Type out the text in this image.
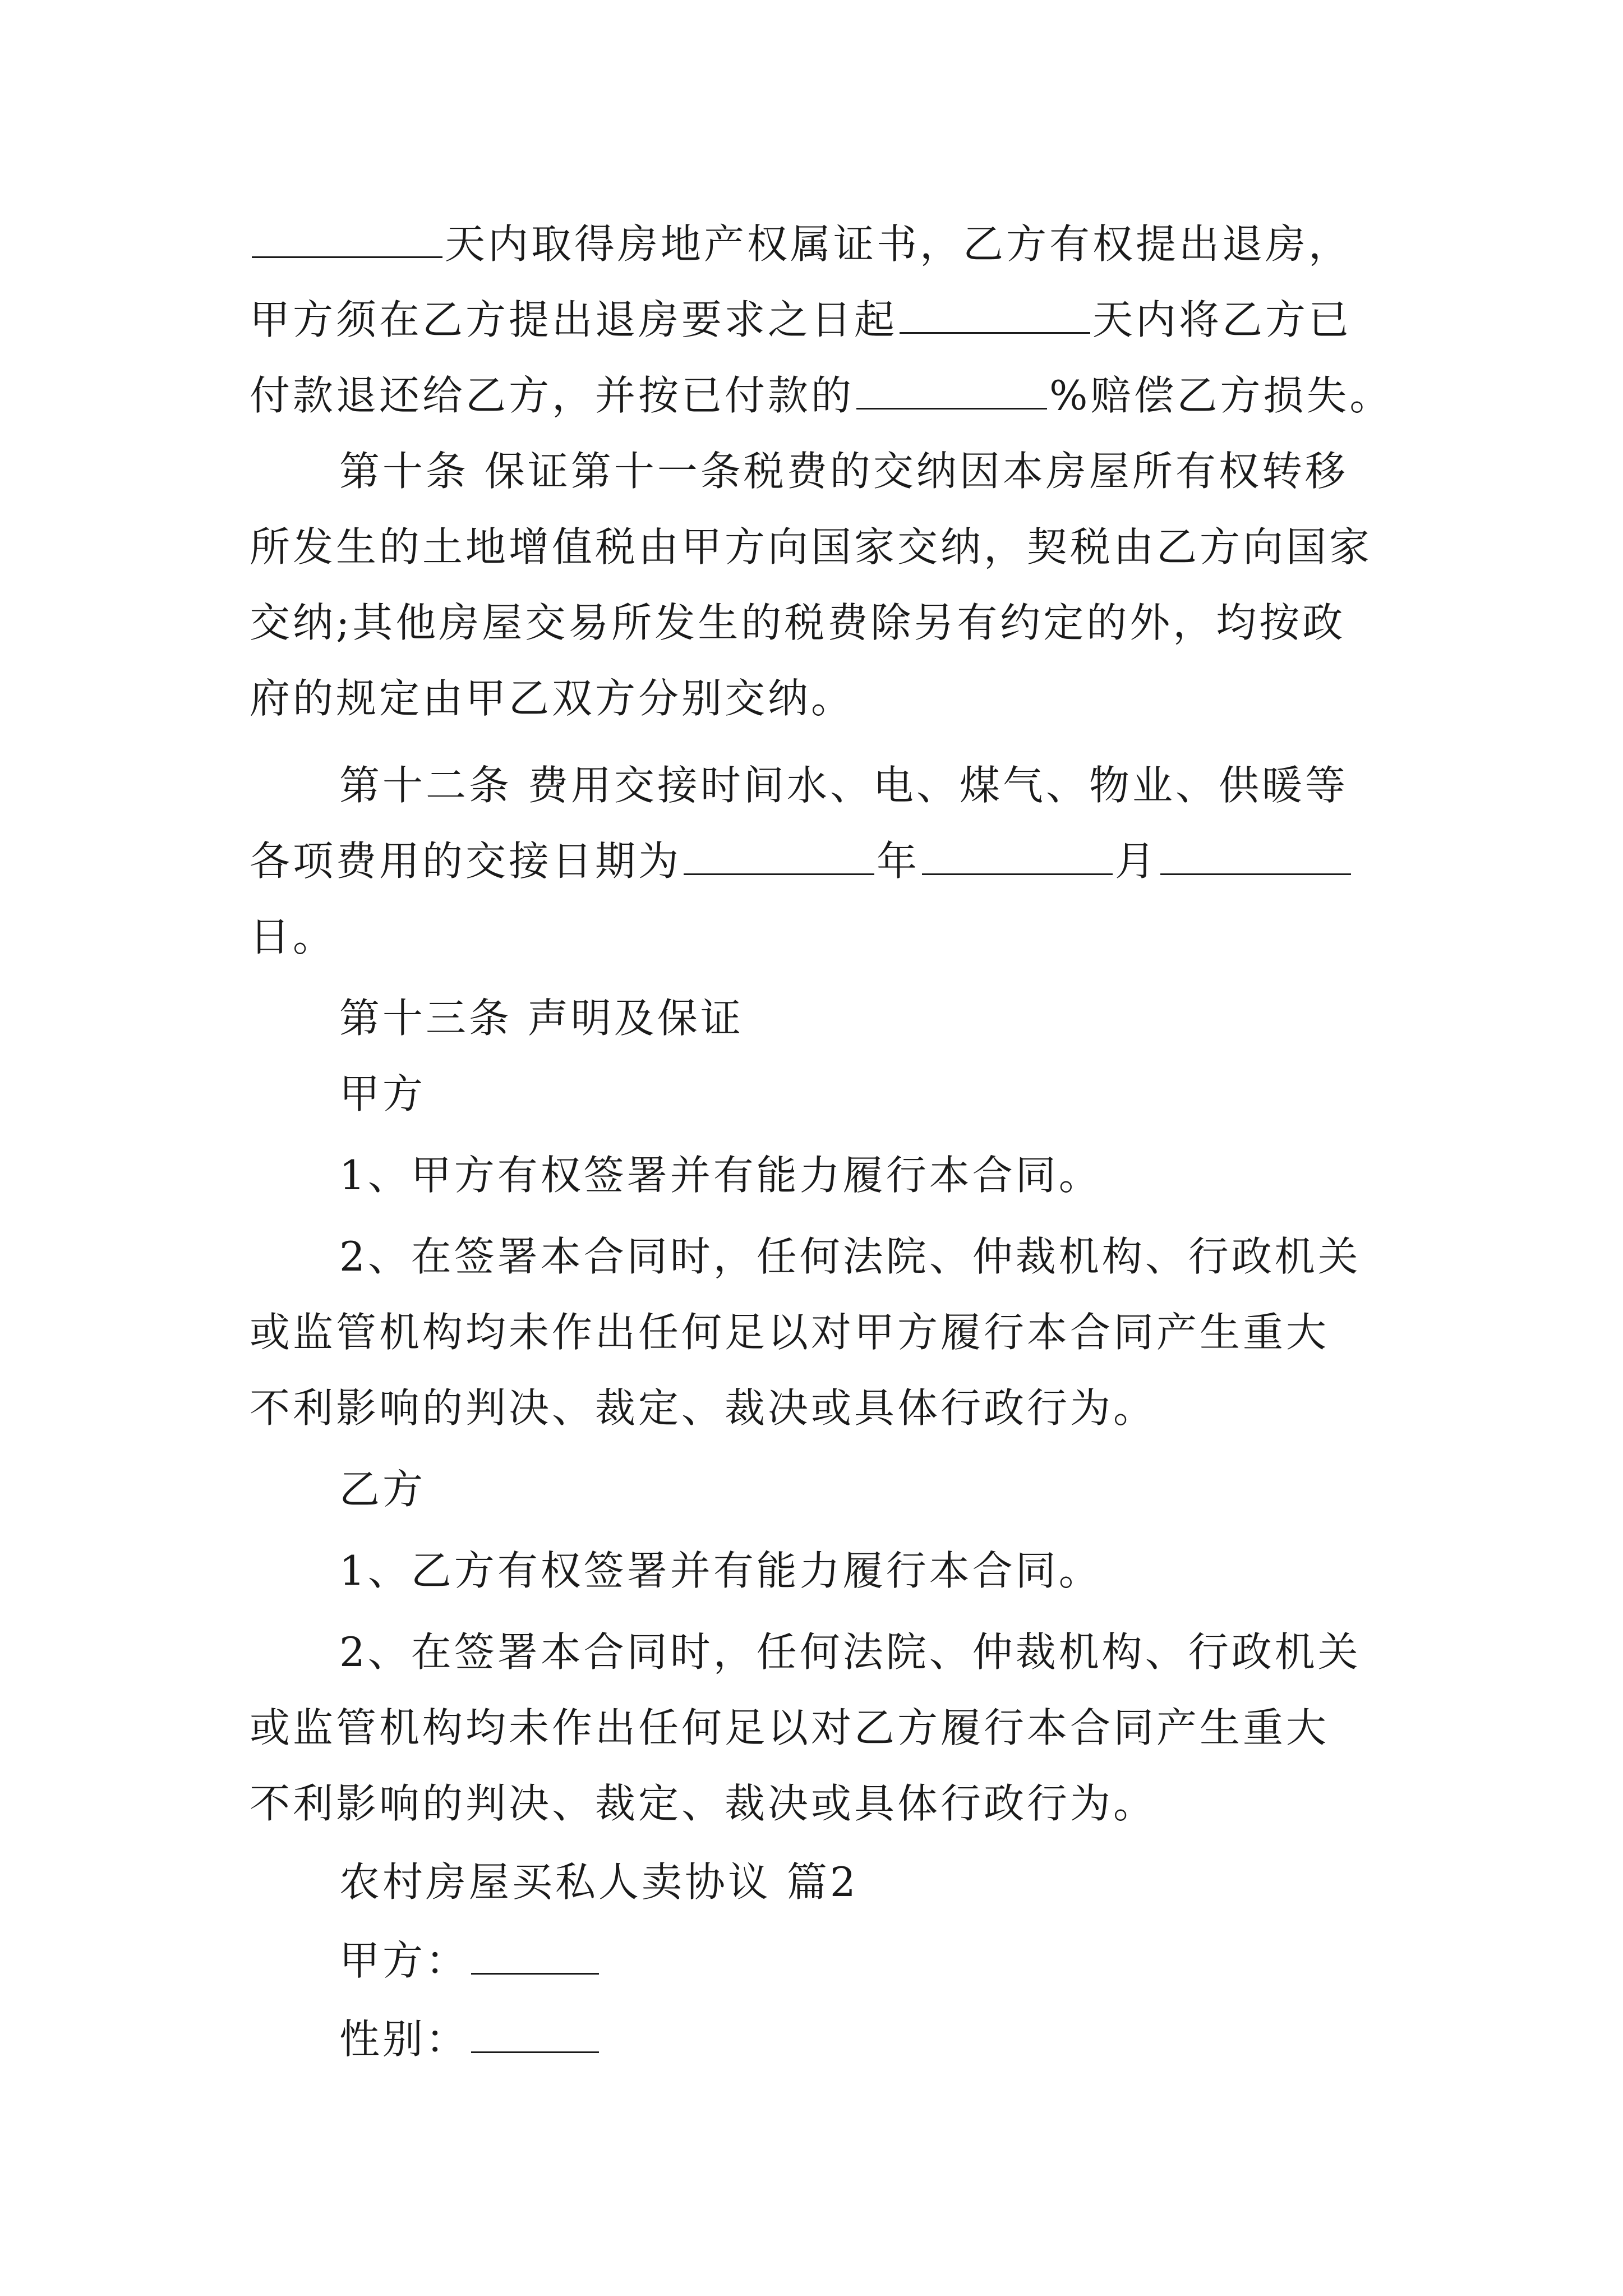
天内取得房地产权属证书，乙方有权提出退房，
甲方须在乙方提出退房要求之日起	天内将乙方已
付款退还给乙方，并按已付款的	%赔偿乙方损失。
第十条 保证第十一条税费的交纳因本房屋所有权转移
所发生的土地增值税由甲方向国家交纳，契税由乙方向国家
交纳;其他房屋交易所发生的税费除另有约定的外，均按政
府的规定由甲乙双方分别交纳。
第十二条 费用交接时间水、电、煤气、物业、供暖等
各项费用的交接日期为	年	月
日。
第十三条 声明及保证
甲方
1、甲方有权签署并有能力履行本合同。
2、在签署本合同时，任何法院、仲裁机构、行政机关
或监管机构均未作出任何足以对甲方履行本合同产生重大
不利影响的判决、裁定、裁决或具体行政行为。
乙方
1、乙方有权签署并有能力履行本合同。
2、在签署本合同时，任何法院、仲裁机构、行政机关
或监管机构均未作出任何足以对乙方履行本合同产生重大
不利影响的判决、裁定、裁决或具体行政行为。
农村房屋买私人卖协议 篇2
甲方：
性别：
